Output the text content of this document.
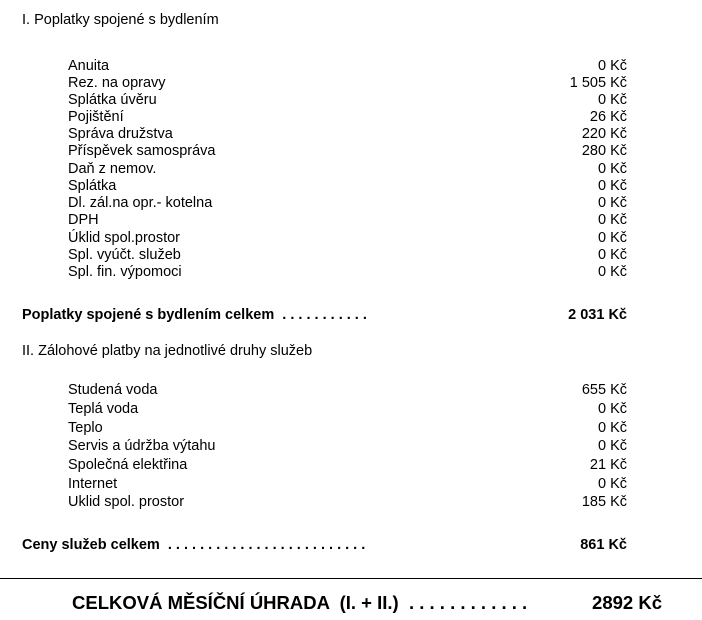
I. Poplatky spojené s bydlením
Anuita	0 Kč
Rez. na opravy	1 505 Kč
Splátka úvěru	0 Kč
Pojištění	26 Kč
Správa družstva	220 Kč
Příspěvek samospráva	280 Kč
Daň z nemov.	0 Kč
Splátka	0 Kč
Dl. zál.na opr.- kotelna	0 Kč
DPH	0 Kč
Úklid spol.prostor	0 Kč
Spl. vyúčt. služeb	0 Kč
Spl. fin. výpomoci	0 Kč
Poplatky spojené s bydlením celkem  . . . . . . . . . . .	2 031 Kč
II. Zálohové platby na jednotlivé druhy služeb
Studená voda	655 Kč
Teplá voda	0 Kč
Teplo	0 Kč
Servis a údržba výtahu	0 Kč
Společná elektřina	21 Kč
Internet	0 Kč
Uklid spol. prostor	185 Kč
Ceny služeb celkem  . . . . . . . . . . . . . . . . . . . . . . . . .	861 Kč
CELKOVÁ MĚSÍČNÍ ÚHRADA  (I. + II.)  . . . . . . . . . . . .	2892 Kč
